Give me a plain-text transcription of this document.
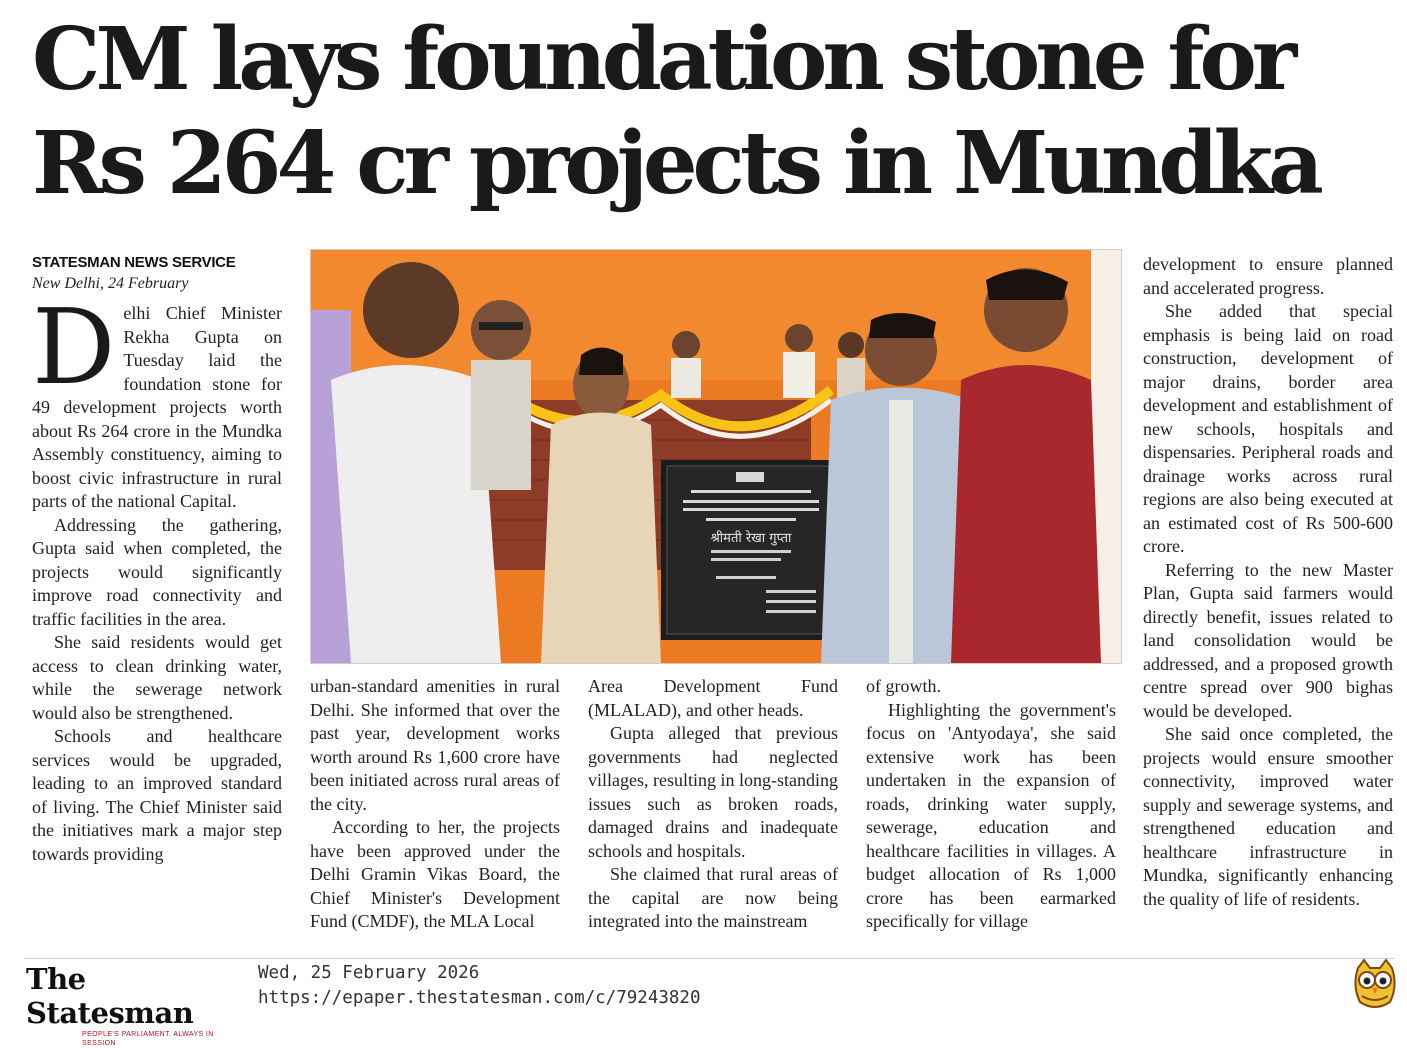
CM lays foundation stone for Rs 264 cr projects in Mundka
STATESMAN NEWS SERVICE
New Delhi, 24 February

Delhi Chief Minister Rekha Gupta on Tuesday laid the foundation stone for 49 development projects worth about Rs 264 crore in the Mundka Assembly constituency, aiming to boost civic infrastructure in rural parts of the national Capital.

Addressing the gathering, Gupta said when completed, the projects would significantly improve road connectivity and traffic facilities in the area.

She said residents would get access to clean drinking water, while the sewerage network would also be strengthened.

Schools and healthcare services would be upgraded, leading to an improved standard of living. The Chief Minister said the initiatives mark a major step towards providing

श्रीमती रेखा गुप्ता

urban-standard amenities in rural Delhi. She informed that over the past year, development works worth around Rs 1,600 crore have been initiated across rural areas of the city.

According to her, the projects have been approved under the Delhi Gramin Vikas Board, the Chief Minister's Development Fund (CMDF), the MLA Local

Area Development Fund (MLALAD), and other heads.

Gupta alleged that previous governments had neglected villages, resulting in long-standing issues such as broken roads, damaged drains and inadequate schools and hospitals.

She claimed that rural areas of the capital are now being integrated into the mainstream

of growth.

Highlighting the government's focus on 'Antyodaya', she said extensive work has been undertaken in the expansion of roads, drinking water supply, sewerage, education and healthcare facilities in villages. A budget allocation of Rs 1,000 crore has been earmarked specifically for village

development to ensure planned and accelerated progress.

She added that special emphasis is being laid on road construction, development of major drains, border area development and establishment of new schools, hospitals and dispensaries. Peripheral roads and drainage works across rural regions are also being executed at an estimated cost of Rs 500-600 crore.

Referring to the new Master Plan, Gupta said farmers would directly benefit, issues related to land consolidation would be addressed, and a proposed growth centre spread over 900 bighas would be developed.

She said once completed, the projects would ensure smoother connectivity, improved water supply and sewerage systems, and strengthened education and healthcare infrastructure in Mundka, significantly enhancing the quality of life of residents.

The Statesman
PEOPLE'S PARLIAMENT. ALWAYS IN SESSION
Wed, 25 February 2026
https://epaper.thestatesman.com/c/79243820
